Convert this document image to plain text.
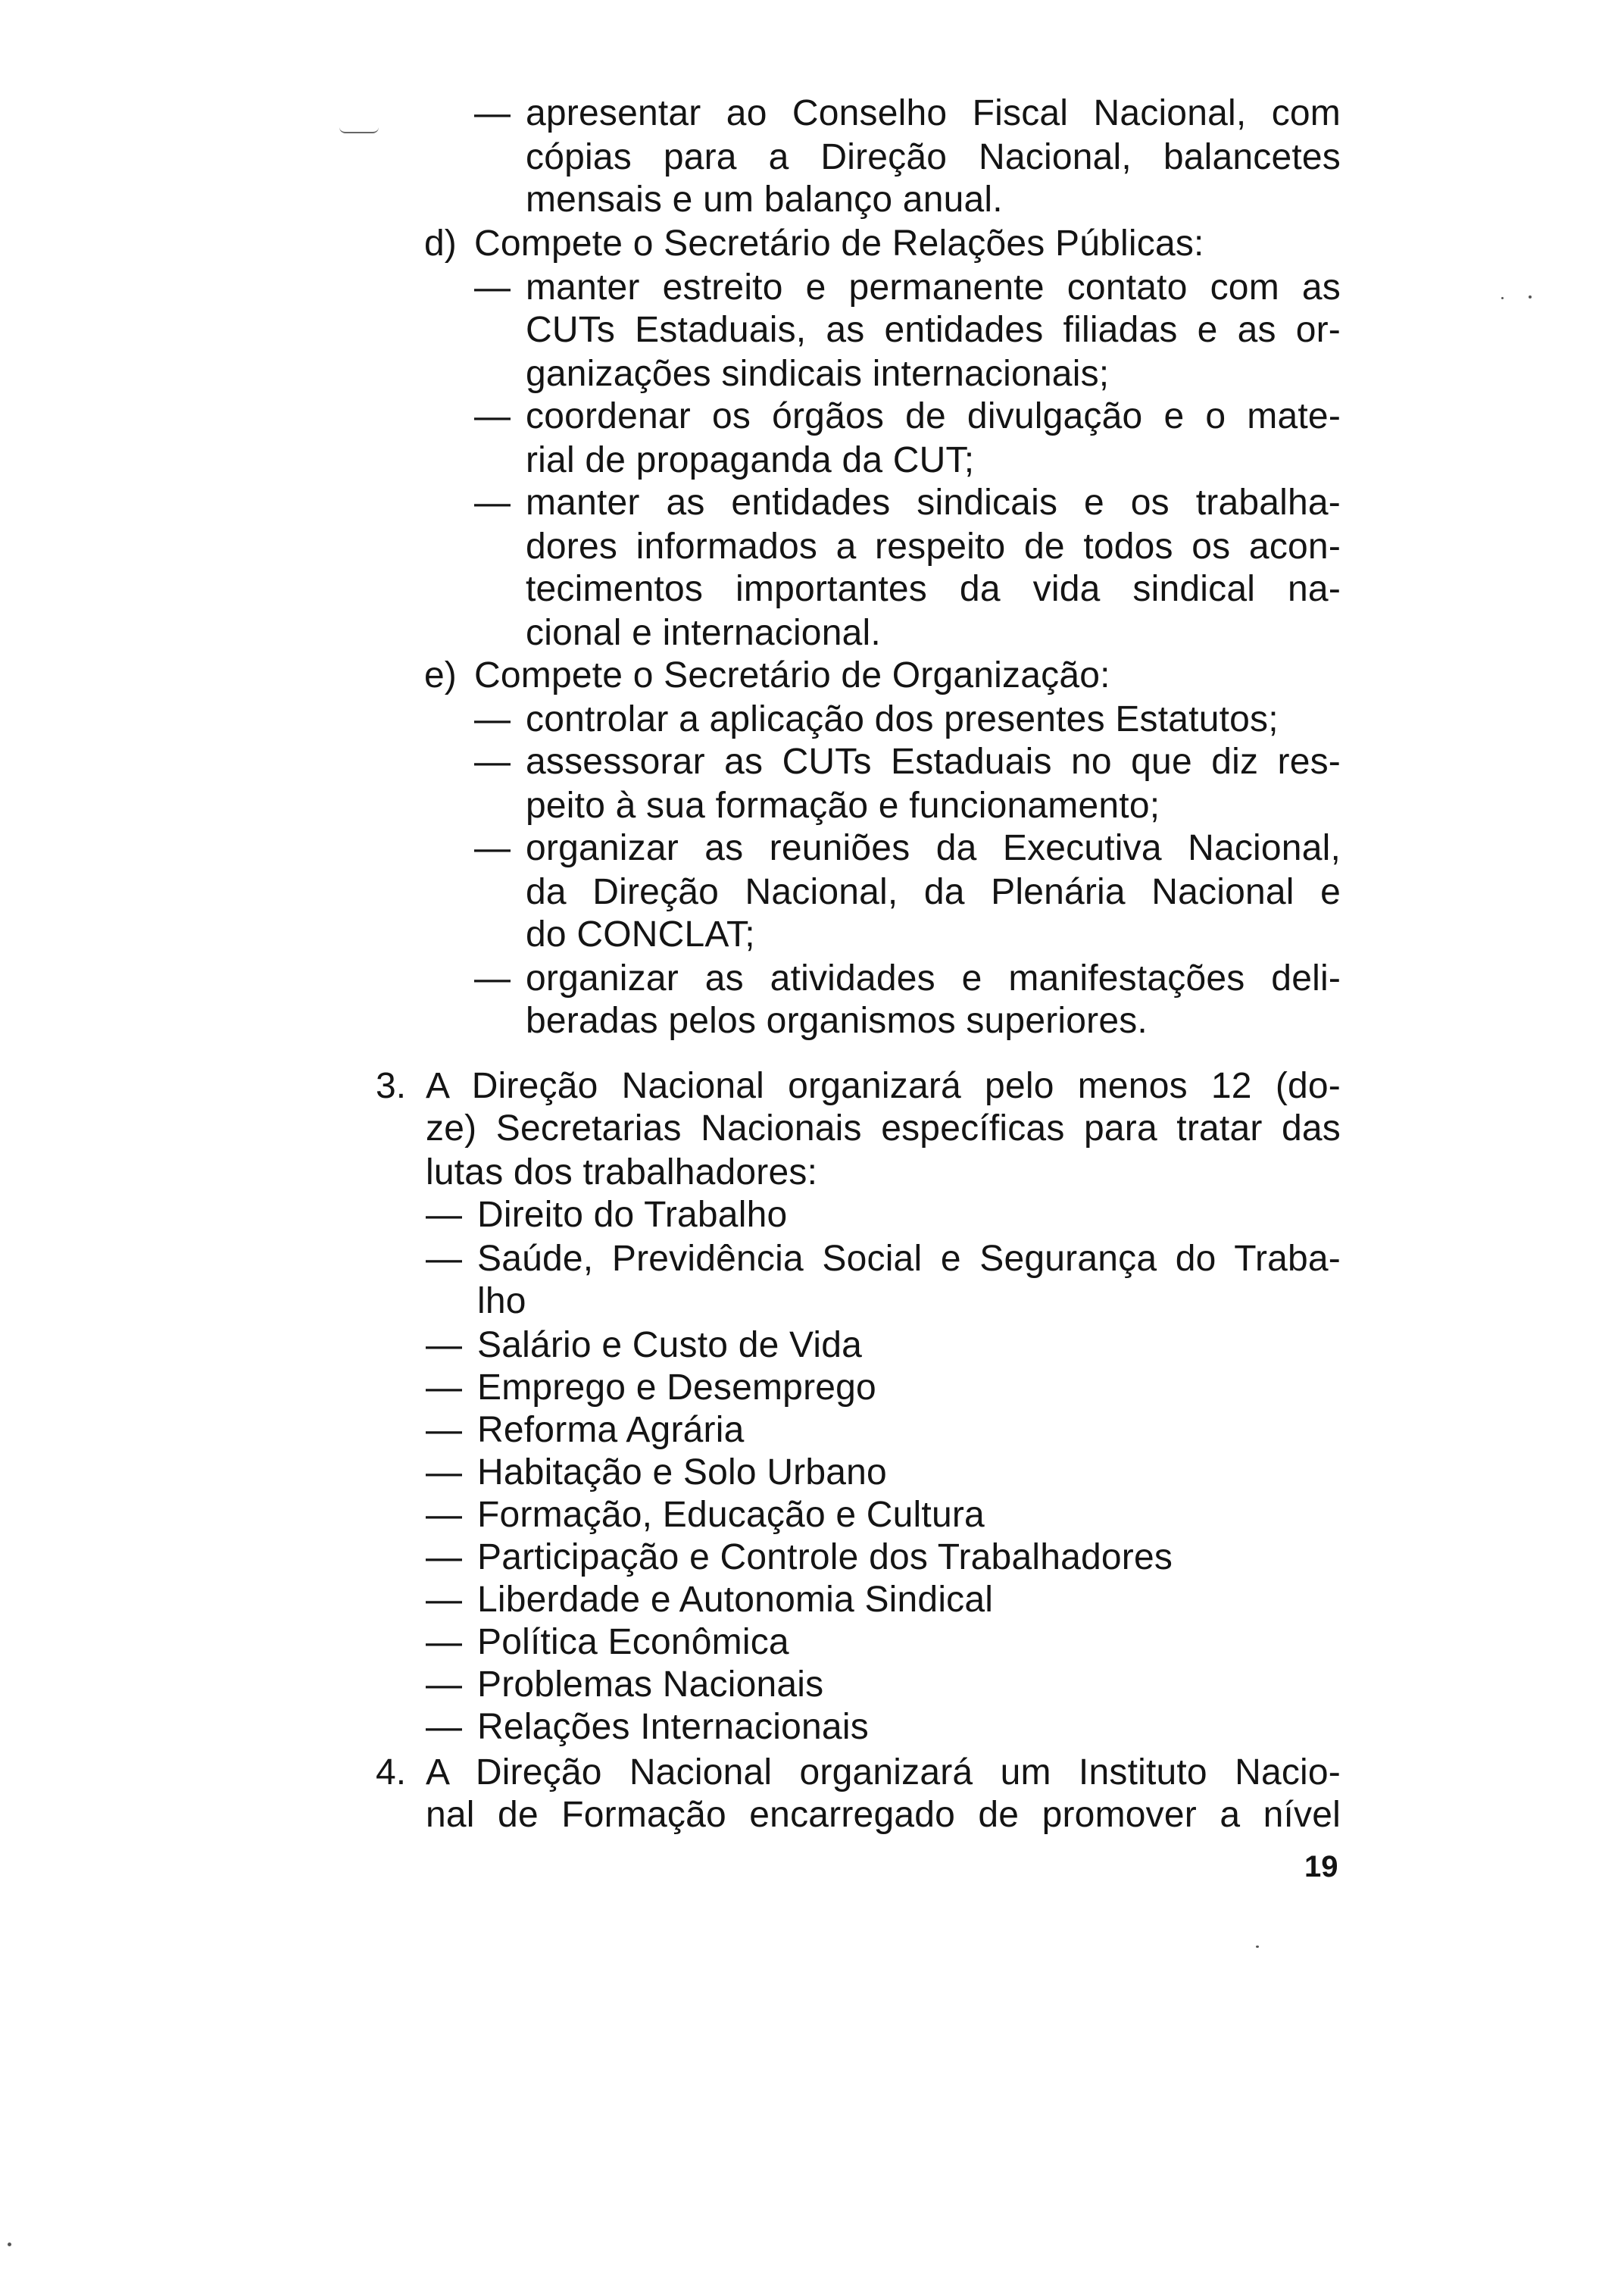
— apresentar ao Conselho Fiscal Nacional, com
cópias para a Direção Nacional, balancetes
mensais e um balanço anual.
d) Compete o Secretário de Relações Públicas:
— manter estreito e permanente contato com as
CUTs Estaduais, as entidades filiadas e as or-
ganizações sindicais internacionais;
— coordenar os órgãos de divulgação e o mate-
rial de propaganda da CUT;
— manter as entidades sindicais e os trabalha-
dores informados a respeito de todos os acon-
tecimentos importantes da vida sindical na-
cional e internacional.
e) Compete o Secretário de Organização:
— controlar a aplicação dos presentes Estatutos;
— assessorar as CUTs Estaduais no que diz res-
peito à sua formação e funcionamento;
— organizar as reuniões da Executiva Nacional,
da Direção Nacional, da Plenária Nacional e
do CONCLAT;
— organizar as atividades e manifestações deli-
beradas pelos organismos superiores.
3. A Direção Nacional organizará pelo menos 12 (do-
ze) Secretarias Nacionais específicas para tratar das
lutas dos trabalhadores:
— Direito do Trabalho
— Saúde, Previdência Social e Segurança do Traba-
lho
— Salário e Custo de Vida
— Emprego e Desemprego
— Reforma Agrária
— Habitação e Solo Urbano
— Formação, Educação e Cultura
— Participação e Controle dos Trabalhadores
— Liberdade e Autonomia Sindical
— Política Econômica
— Problemas Nacionais
— Relações Internacionais
4. A Direção Nacional organizará um Instituto Nacio-
nal de Formação encarregado de promover a nível
19
